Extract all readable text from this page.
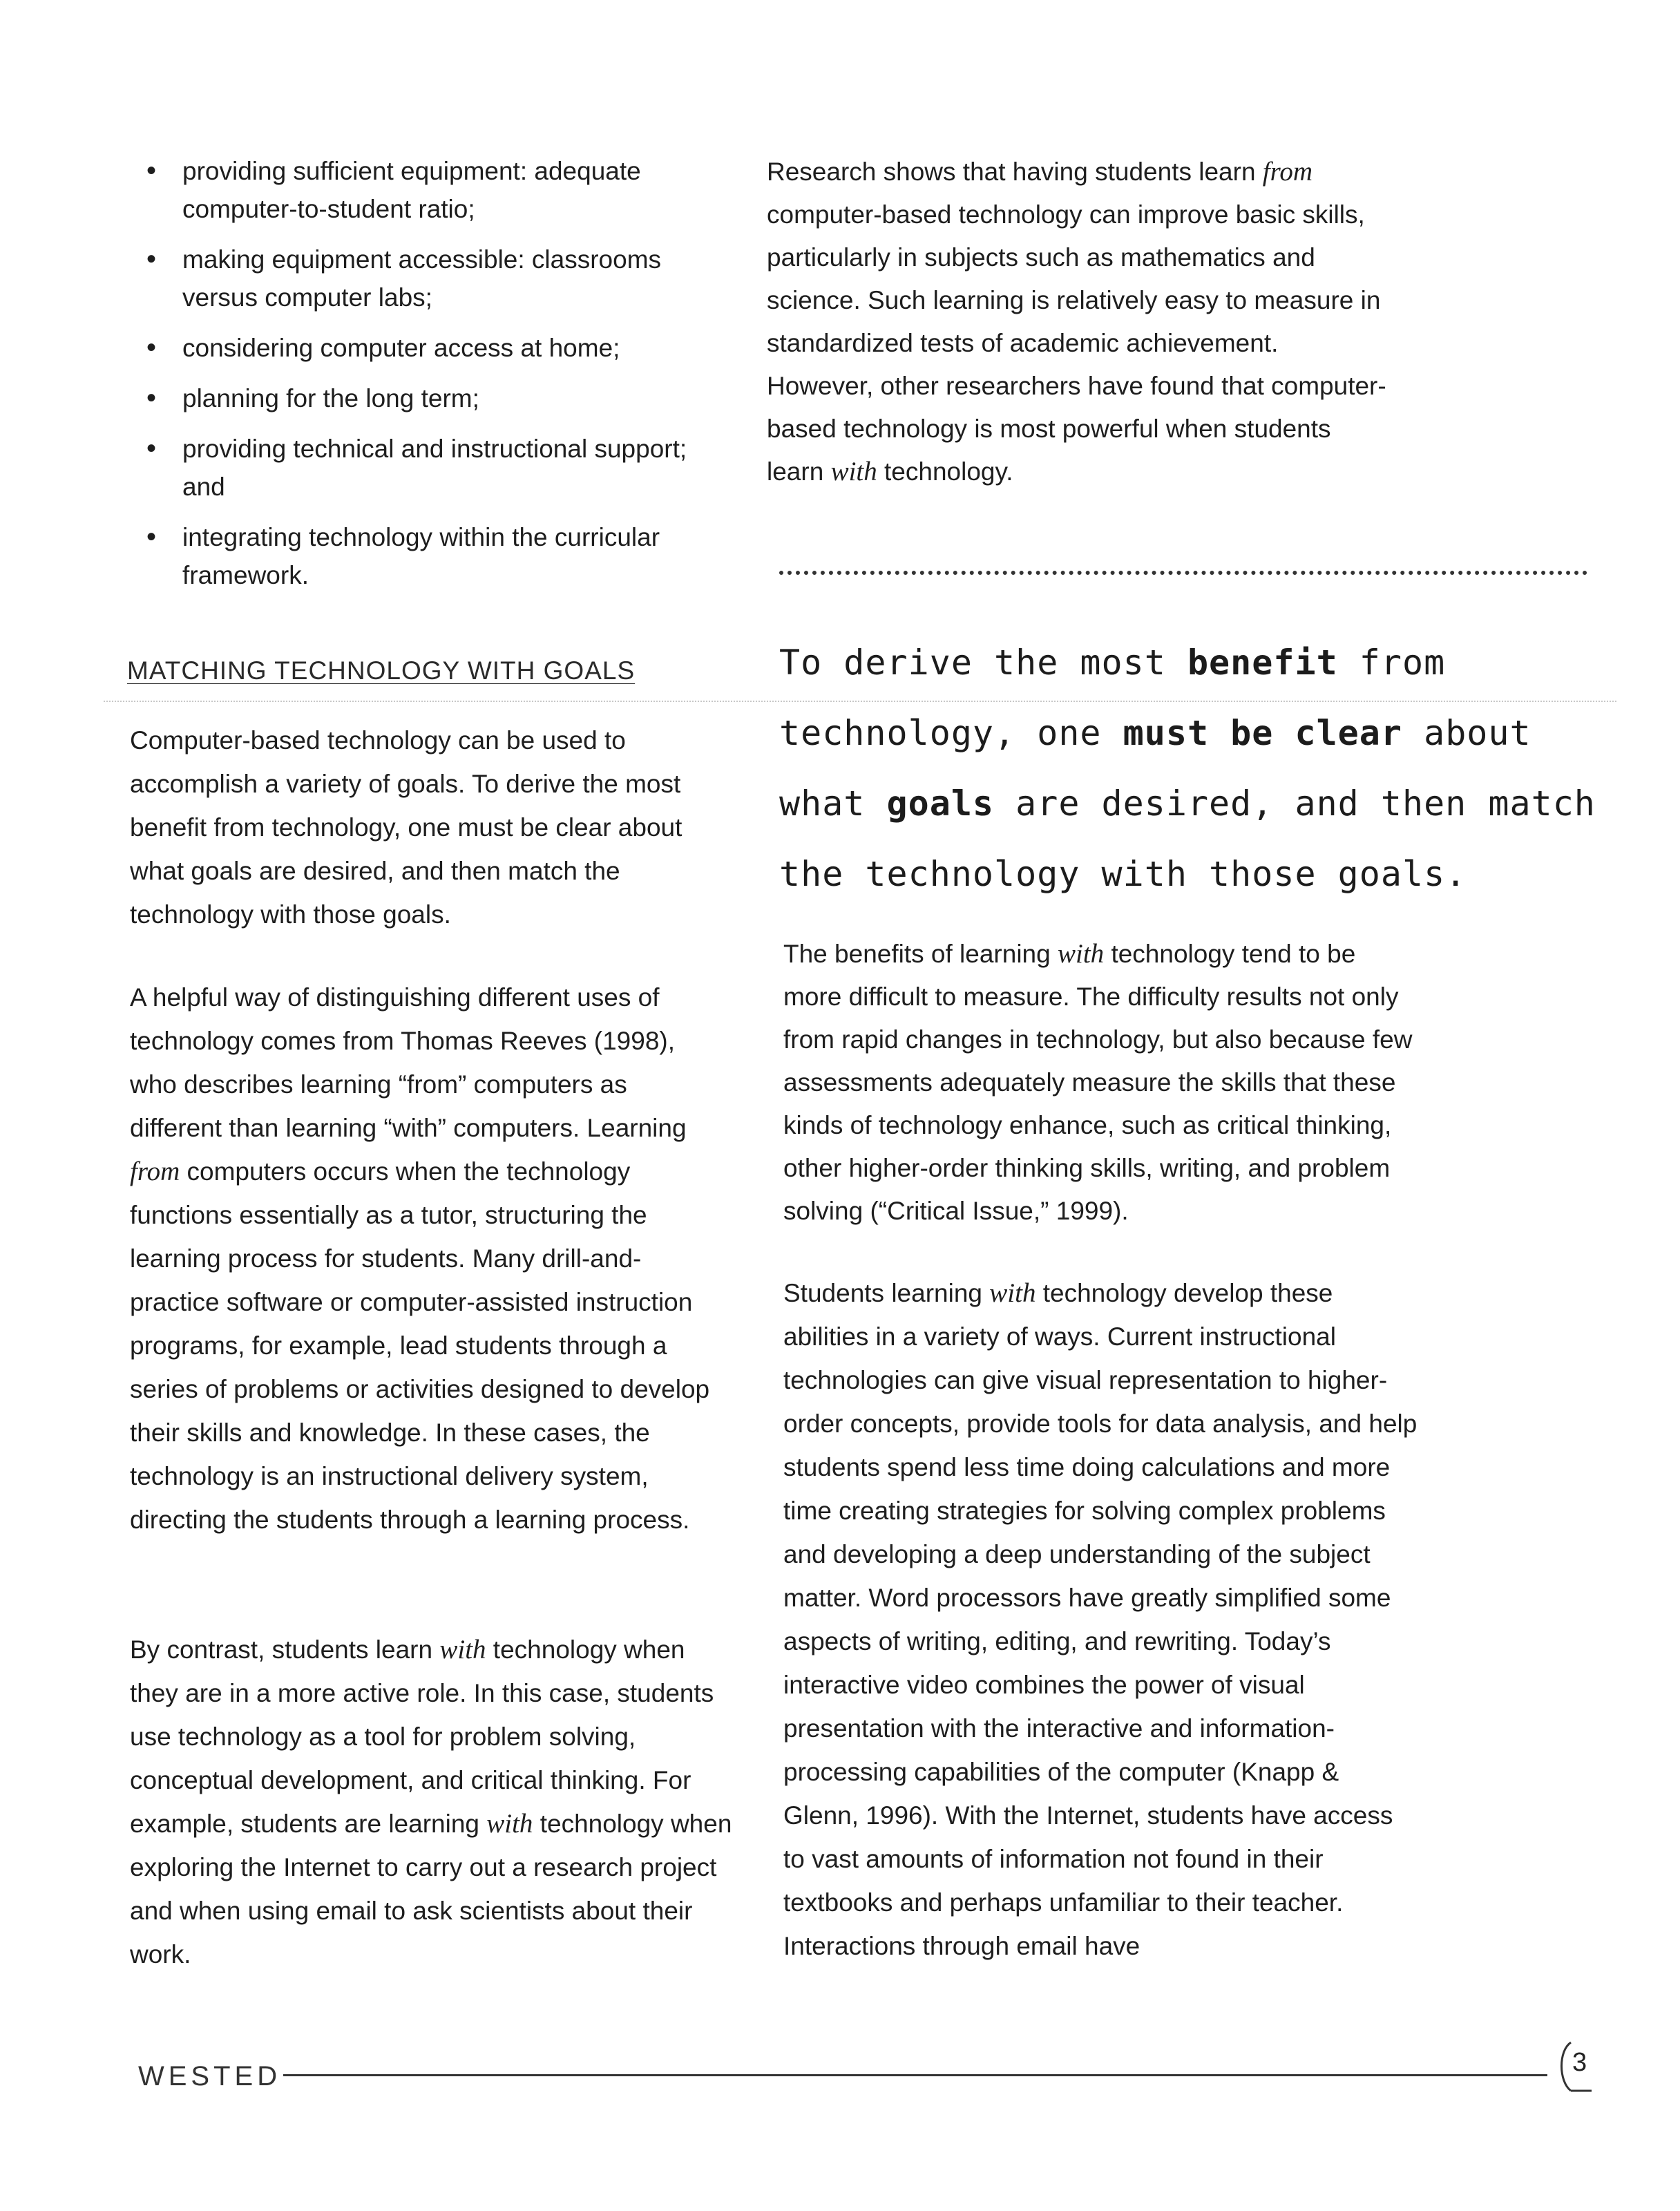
• providing sufficient equipment: adequate computer-to-student ratio;
• making equipment accessible: classrooms versus computer labs;
• considering computer access at home;
• planning for the long term;
• providing technical and instructional support; and
• integrating technology within the curricular framework.

Research shows that having students learn from computer-based technology can improve basic skills, particularly in subjects such as mathematics and science. Such learning is relatively easy to measure in standardized tests of academic achievement. However, other researchers have found that computer-based technology is most powerful when students learn with technology.

MATCHING TECHNOLOGY WITH GOALS	To derive the most benefit from technology, one must be clear about what goals are desired, and then match the technology with those goals.

Computer-based technology can be used to accomplish a variety of goals. To derive the most benefit from technology, one must be clear about what goals are desired, and then match the technology with those goals.

A helpful way of distinguishing different uses of technology comes from Thomas Reeves (1998), who describes learning “from” computers as different than learning “with” computers. Learning from computers occurs when the technology functions essentially as a tutor, structuring the learning process for students. Many drill-and-practice software or computer-assisted instruction programs, for example, lead students through a series of problems or activities designed to develop their skills and knowledge. In these cases, the technology is an instructional delivery system, directing the students through a learning process.

By contrast, students learn with technology when they are in a more active role. In this case, students use technology as a tool for problem solving, conceptual development, and critical thinking. For example, students are learning with technology when exploring the Internet to carry out a research project and when using email to ask scientists about their work.

The benefits of learning with technology tend to be more difficult to measure. The difficulty results not only from rapid changes in technology, but also because few assessments adequately measure the skills that these kinds of technology enhance, such as critical thinking, other higher-order thinking skills, writing, and problem solving (“Critical Issue,” 1999).

Students learning with technology develop these abilities in a variety of ways. Current instructional technologies can give visual representation to higher-order concepts, provide tools for data analysis, and help students spend less time doing calculations and more time creating strategies for solving complex problems and developing a deep understanding of the subject matter. Word processors have greatly simplified some aspects of writing, editing, and rewriting. Today’s interactive video combines the power of visual presentation with the interactive and information-processing capabilities of the computer (Knapp & Glenn, 1996). With the Internet, students have access to vast amounts of information not found in their textbooks and perhaps unfamiliar to their teacher. Interactions through email have

WESTED	3
